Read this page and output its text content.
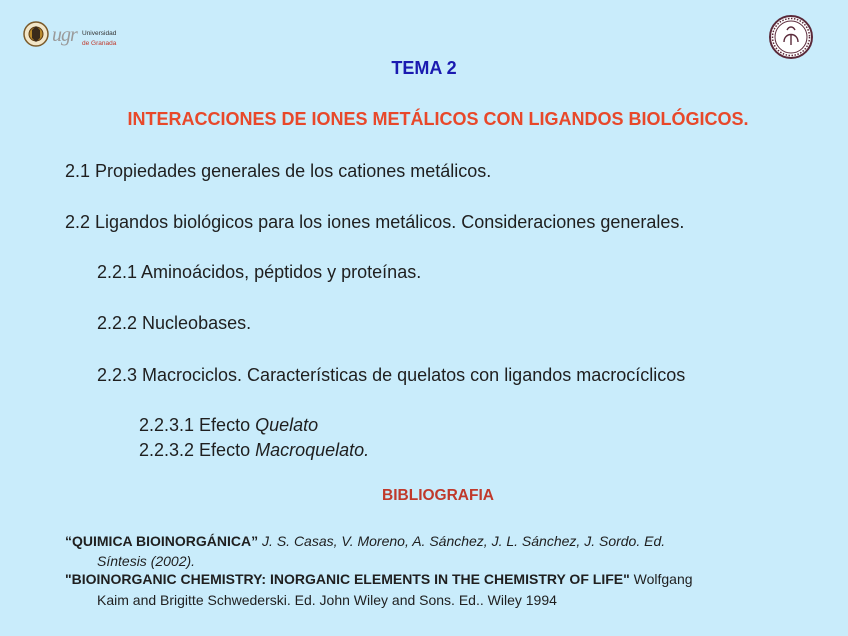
ugr Universidad
de Granada
TEMA 2
INTERACCIONES DE IONES METÁLICOS CON LIGANDOS BIOLÓGICOS.
2.1 Propiedades generales de los cationes metálicos.
2.2 Ligandos biológicos para los iones metálicos. Consideraciones generales.
2.2.1 Aminoácidos, péptidos y proteínas.
2.2.2 Nucleobases.
2.2.3 Macrociclos. Características de quelatos con ligandos macrocíclicos
2.2.3.1 Efecto Quelato
2.2.3.2 Efecto Macroquelato.
BIBLIOGRAFIA
“QUIMICA BIOINORGÁNICA” J. S. Casas, V. Moreno, A. Sánchez, J. L. Sánchez, J. Sordo. Ed.
Síntesis (2002).
"BIOINORGANIC CHEMISTRY: INORGANIC ELEMENTS IN THE CHEMISTRY OF LIFE" Wolfgang
Kaim and Brigitte Schwederski. Ed. John Wiley and Sons. Ed.. Wiley 1994
